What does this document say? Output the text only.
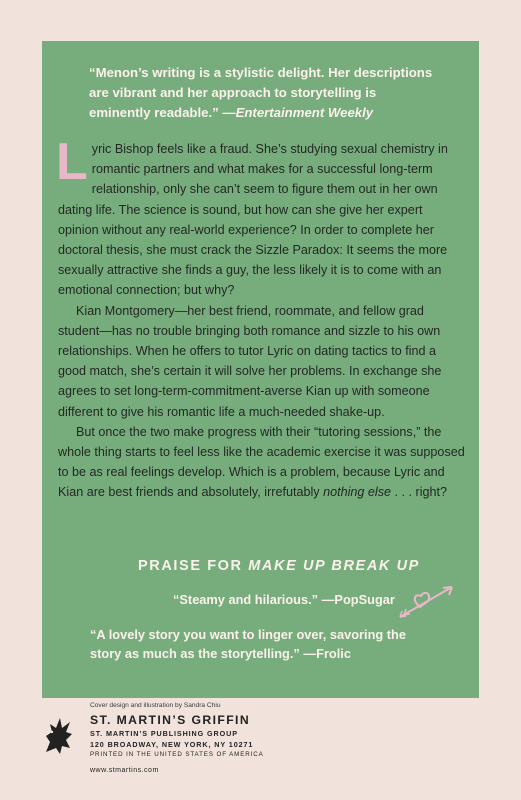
“Menon’s writing is a stylistic delight. Her descriptions are vibrant and her approach to storytelling is eminently readable.” —Entertainment Weekly

Lyric Bishop feels like a fraud. She’s studying sexual chemistry in romantic partners and what makes for a successful long-term relationship, only she can’t seem to figure them out in her own dating life. The science is sound, but how can she give her expert opinion without any real-world experience? In order to complete her doctoral thesis, she must crack the Sizzle Paradox: It seems the more sexually attractive she finds a guy, the less likely it is to come with an emotional connection; but why?

Kian Montgomery—her best friend, roommate, and fellow grad student—has no trouble bringing both romance and sizzle to his own relationships. When he offers to tutor Lyric on dating tactics to find a good match, she’s certain it will solve her problems. In exchange she agrees to set long-term-commitment-averse Kian up with someone different to give his romantic life a much-needed shake-up.

But once the two make progress with their “tutoring sessions,” the whole thing starts to feel less like the academic exercise it was supposed to be as real feelings develop. Which is a problem, because Lyric and Kian are best friends and absolutely, irrefutably nothing else . . . right?

PRAISE FOR MAKE UP BREAK UP
“Steamy and hilarious.” —PopSugar
“A lovely story you want to linger over, savoring the story as much as the storytelling.” —Frolic
Cover design and illustration by Sandra Chiu
ST. MARTIN’S GRIFFIN
ST. MARTIN’S PUBLISHING GROUP
120 BROADWAY, NEW YORK, NY 10271
PRINTED IN THE UNITED STATES OF AMERICA
www.stmartins.com
